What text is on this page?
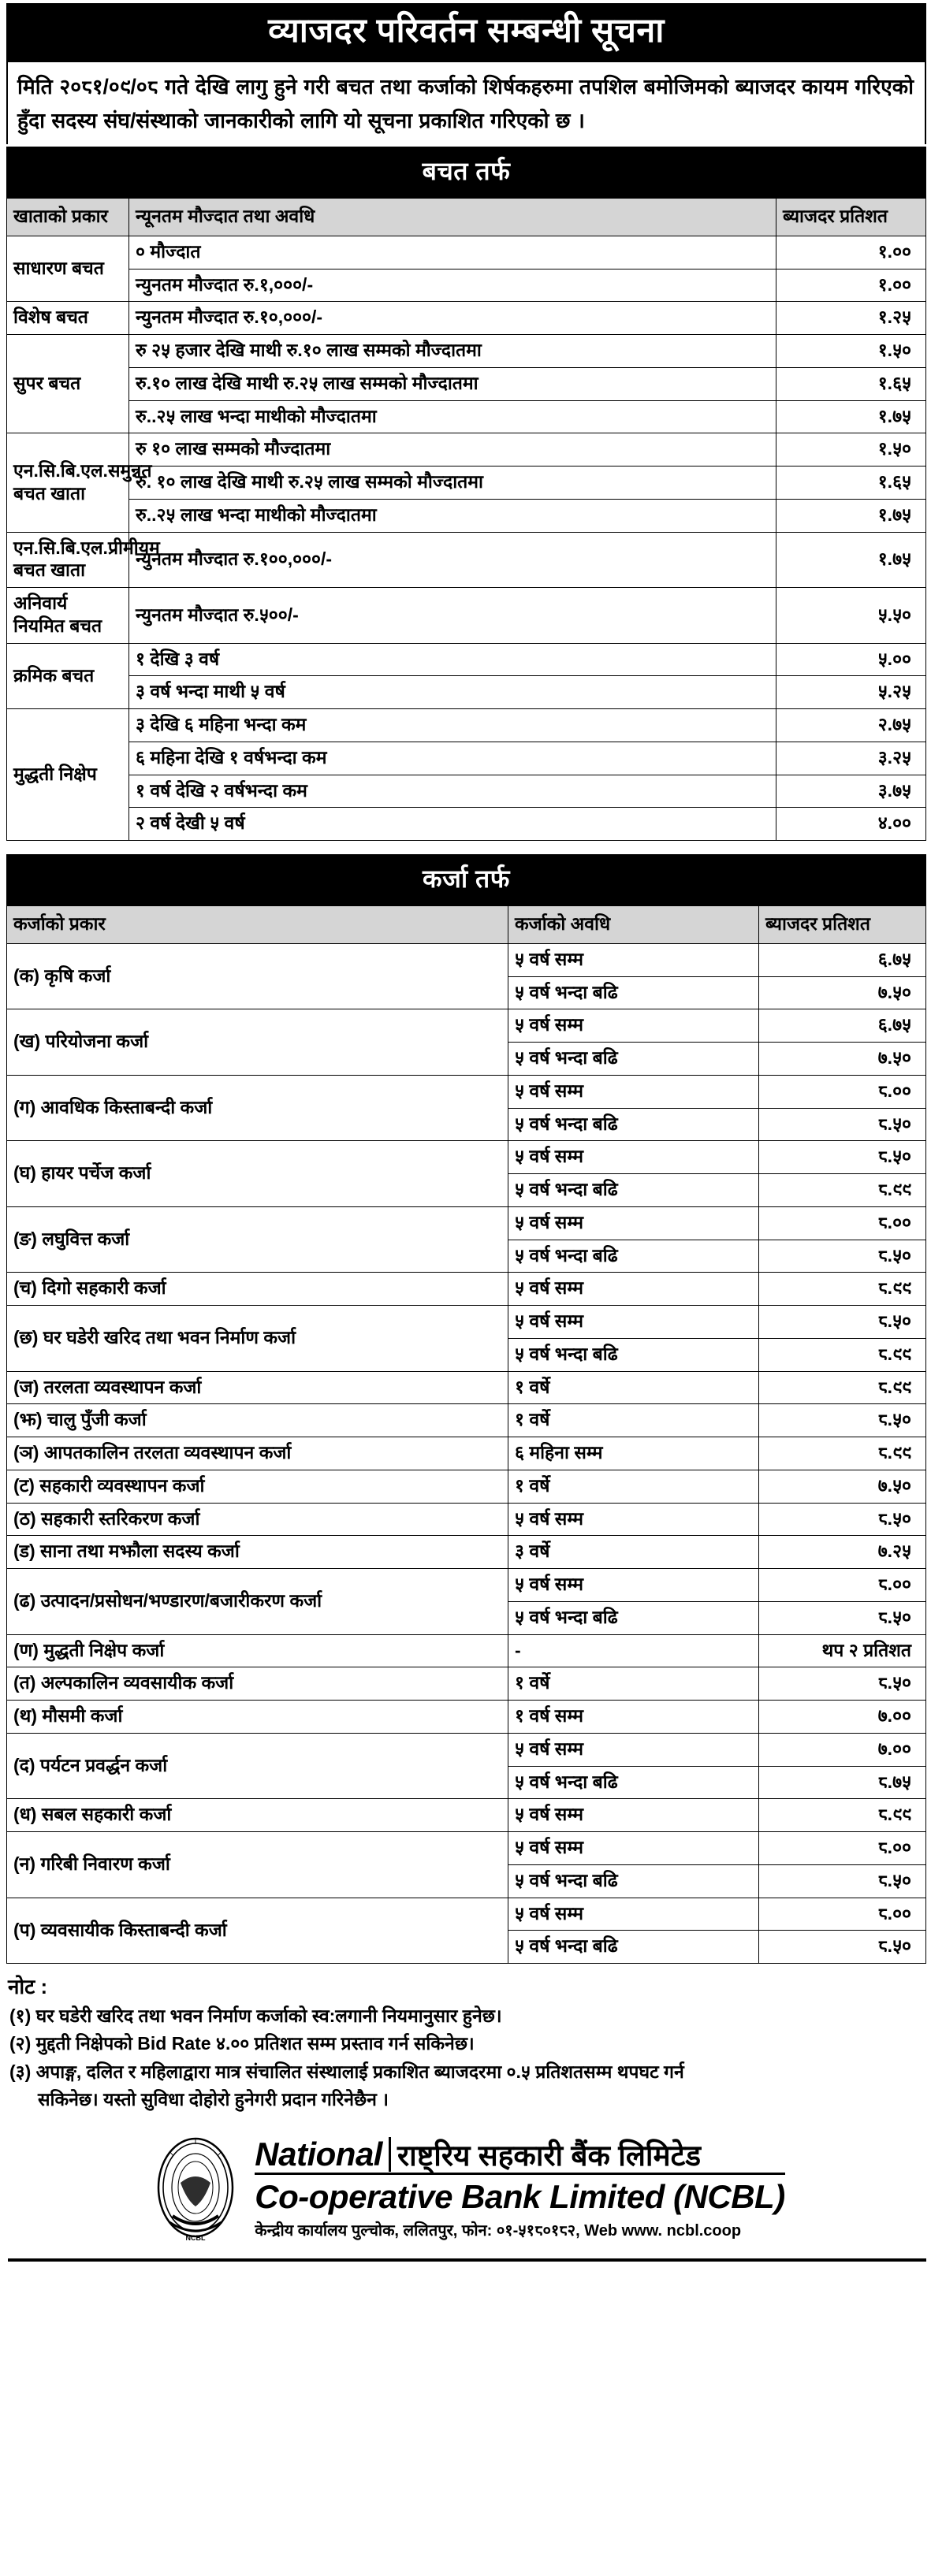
व्याजदर परिवर्तन सम्बन्धी सूचना
मिति २०८१/०९/०८ गते देखि लागु हुने गरी बचत तथा कर्जाको शिर्षकहरुमा तपशिल बमोजिमको ब्याजदर कायम गरिएको हुँदा सदस्य संघ/संस्थाको जानकारीको लागि यो सूचना प्रकाशित गरिएको छ ।
बचत तर्फ		
खाताको प्रकार	न्यूनतम मौज्दात तथा अवधि	ब्याजदर प्रतिशत
साधारण बचत	० मौज्दात	१.००
	न्युनतम मौज्दात रु.१,०००/-	१.००
विशेष बचत	न्युनतम मौज्दात रु.१०,०००/-	१.२५
सुपर बचत	रु २५ हजार देखि माथी रु.१० लाख सम्मको मौज्दातमा	१.५०
	रु.१० लाख देखि माथी रु.२५ लाख सम्मको मौज्दातमा	१.६५
	रु..२५ लाख भन्दा माथीको मौज्दातमा	१.७५
एन.सि.बि.एल.समुन्नत बचत खाता	रु १० लाख सम्मको मौज्दातमा	१.५०
	रु. १० लाख देखि माथी रु.२५ लाख सम्मको मौज्दातमा	१.६५
	रु..२५ लाख भन्दा माथीको मौज्दातमा	१.७५
एन.सि.बि.एल.प्रीमीयम बचत खाता	न्युनतम मौज्दात रु.१००,०००/-	१.७५
अनिवार्य नियमित बचत	न्युनतम मौज्दात रु.५००/-	५.५०
क्रमिक बचत	१ देखि ३ वर्ष	५.००
	३ वर्ष भन्दा माथी ५ वर्ष	५.२५
मुद्धती निक्षेप	३ देखि ६ महिना भन्दा कम	२.७५
	६ महिना देखि १ वर्षभन्दा कम	३.२५
	१ वर्ष देखि २ वर्षभन्दा कम	३.७५
	२ वर्ष देखी ५ वर्ष	४.००
कर्जा तर्फ		
कर्जाको प्रकार	कर्जाको अवधि	ब्याजदर प्रतिशत
(क) कृषि कर्जा	५ वर्ष सम्म	६.७५
	५ वर्ष भन्दा बढि	७.५०
(ख) परियोजना कर्जा	५ वर्ष सम्म	६.७५
	५ वर्ष भन्दा बढि	७.५०
(ग) आवधिक किस्ताबन्दी कर्जा	५ वर्ष सम्म	८.००
	५ वर्ष भन्दा बढि	८.५०
(घ) हायर पर्चेज कर्जा	५ वर्ष सम्म	८.५०
	५ वर्ष भन्दा बढि	८.९९
(ङ) लघुवित्त कर्जा	५ वर्ष सम्म	८.००
	५ वर्ष भन्दा बढि	८.५०
(च) दिगो सहकारी कर्जा	५ वर्ष सम्म	८.९९
(छ) घर घडेरी खरिद तथा भवन निर्माण कर्जा	५ वर्ष सम्म	८.५०
	५ वर्ष भन्दा बढि	८.९९
(ज) तरलता व्यवस्थापन कर्जा	१ वर्षे	८.९९
(झ) चालु पुँजी कर्जा	१ वर्षे	८.५०
(ञ) आपतकालिन तरलता व्यवस्थापन कर्जा	६ महिना सम्म	८.९९
(ट) सहकारी व्यवस्थापन कर्जा	१ वर्षे	७.५०
(ठ) सहकारी स्तरिकरण कर्जा	५ वर्ष सम्म	८.५०
(ड) साना तथा मझौला सदस्य कर्जा	३ वर्षे	७.२५
(ढ) उत्पादन/प्रसोधन/भण्डारण/बजारीकरण कर्जा	५ वर्ष सम्म	८.००
	५ वर्ष भन्दा बढि	८.५०
(ण) मुद्धती निक्षेप कर्जा	-	थप २ प्रतिशत
(त) अल्पकालिन व्यवसायीक कर्जा	१ वर्षे	८.५०
(थ) मौसमी कर्जा	१ वर्ष सम्म	७.००
(द) पर्यटन प्रवर्द्धन कर्जा	५ वर्ष सम्म	७.००
	५ वर्ष भन्दा बढि	८.७५
(ध) सबल सहकारी कर्जा	५ वर्ष सम्म	८.९९
(न) गरिबी निवारण कर्जा	५ वर्ष सम्म	८.००
	५ वर्ष भन्दा बढि	८.५०
(प) व्यवसायीक किस्ताबन्दी कर्जा	५ वर्ष सम्म	८.००
	५ वर्ष भन्दा बढि	८.५०
नोट :
(१) घर घडेरी खरिद तथा भवन निर्माण कर्जाको स्व:लगानी नियमानुसार हुनेछ।
(२) मुद्दती निक्षेपको Bid Rate ४.०० प्रतिशत सम्म प्रस्ताव गर्न सकिनेछ।
(३) अपाङ्ग, दलित र महिलाद्वारा मात्र संचालित संस्थालाई प्रकाशित ब्याजदरमा ०.५ प्रतिशतसम्म थपघट गर्न
सकिनेछ। यस्तो सुविधा दोहोरो हुनेगरी प्रदान गरिनेछैन ।
NCBL
National राष्ट्रिय सहकारी बैंक लिमिटेड
Co-operative Bank Limited (NCBL)
केन्द्रीय कार्यालय पुल्चोक, ललितपुर, फोन: ०१-५१८०१८२, Web www. ncbl.coop
